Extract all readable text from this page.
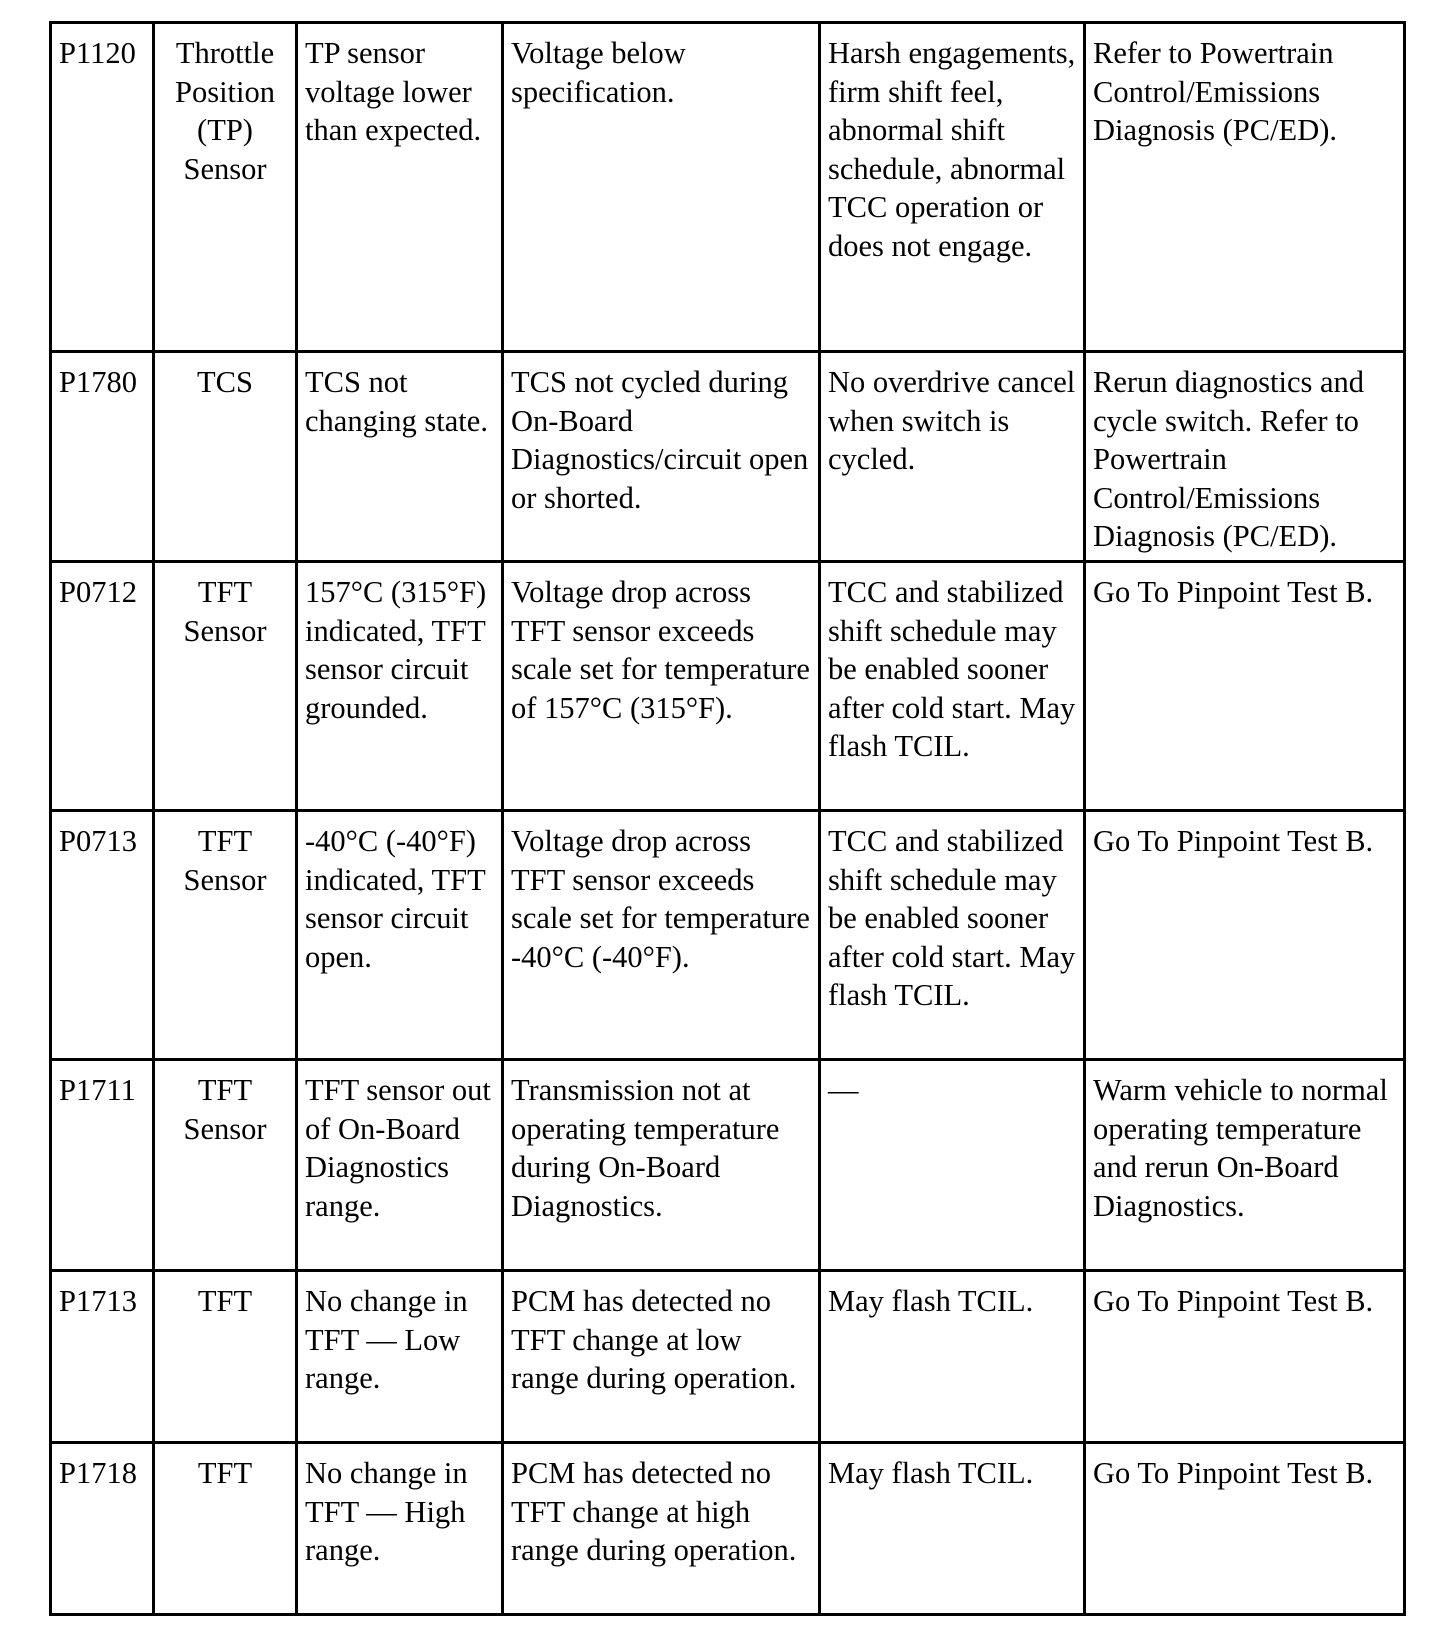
P1120	Throttle Position (TP) Sensor	TP sensor voltage lower than expected.	Voltage below specification.	Harsh engagements, firm shift feel, abnormal shift schedule, abnormal TCC operation or does not engage.	Refer to Powertrain Control/Emissions Diagnosis (PC/ED).
P1780	TCS	TCS not changing state.	TCS not cycled during On-Board Diagnostics/circuit open or shorted.	No overdrive cancel when switch is cycled.	Rerun diagnostics and cycle switch. Refer to Powertrain Control/Emissions Diagnosis (PC/ED).
P0712	TFT Sensor	157°C (315°F) indicated, TFT sensor circuit grounded.	Voltage drop across TFT sensor exceeds scale set for temperature of 157°C (315°F).	TCC and stabilized shift schedule may be enabled sooner after cold start. May flash TCIL.	Go To Pinpoint Test B.
P0713	TFT Sensor	-40°C (-40°F) indicated, TFT sensor circuit open.	Voltage drop across TFT sensor exceeds scale set for temperature -40°C (-40°F).	TCC and stabilized shift schedule may be enabled sooner after cold start. May flash TCIL.	Go To Pinpoint Test B.
P1711	TFT Sensor	TFT sensor out of On-Board Diagnostics range.	Transmission not at operating temperature during On-Board Diagnostics.	—	Warm vehicle to normal operating temperature and rerun On-Board Diagnostics.
P1713	TFT	No change in TFT — Low range.	PCM has detected no TFT change at low range during operation.	May flash TCIL.	Go To Pinpoint Test B.
P1718	TFT	No change in TFT — High range.	PCM has detected no TFT change at high range during operation.	May flash TCIL.	Go To Pinpoint Test B.
